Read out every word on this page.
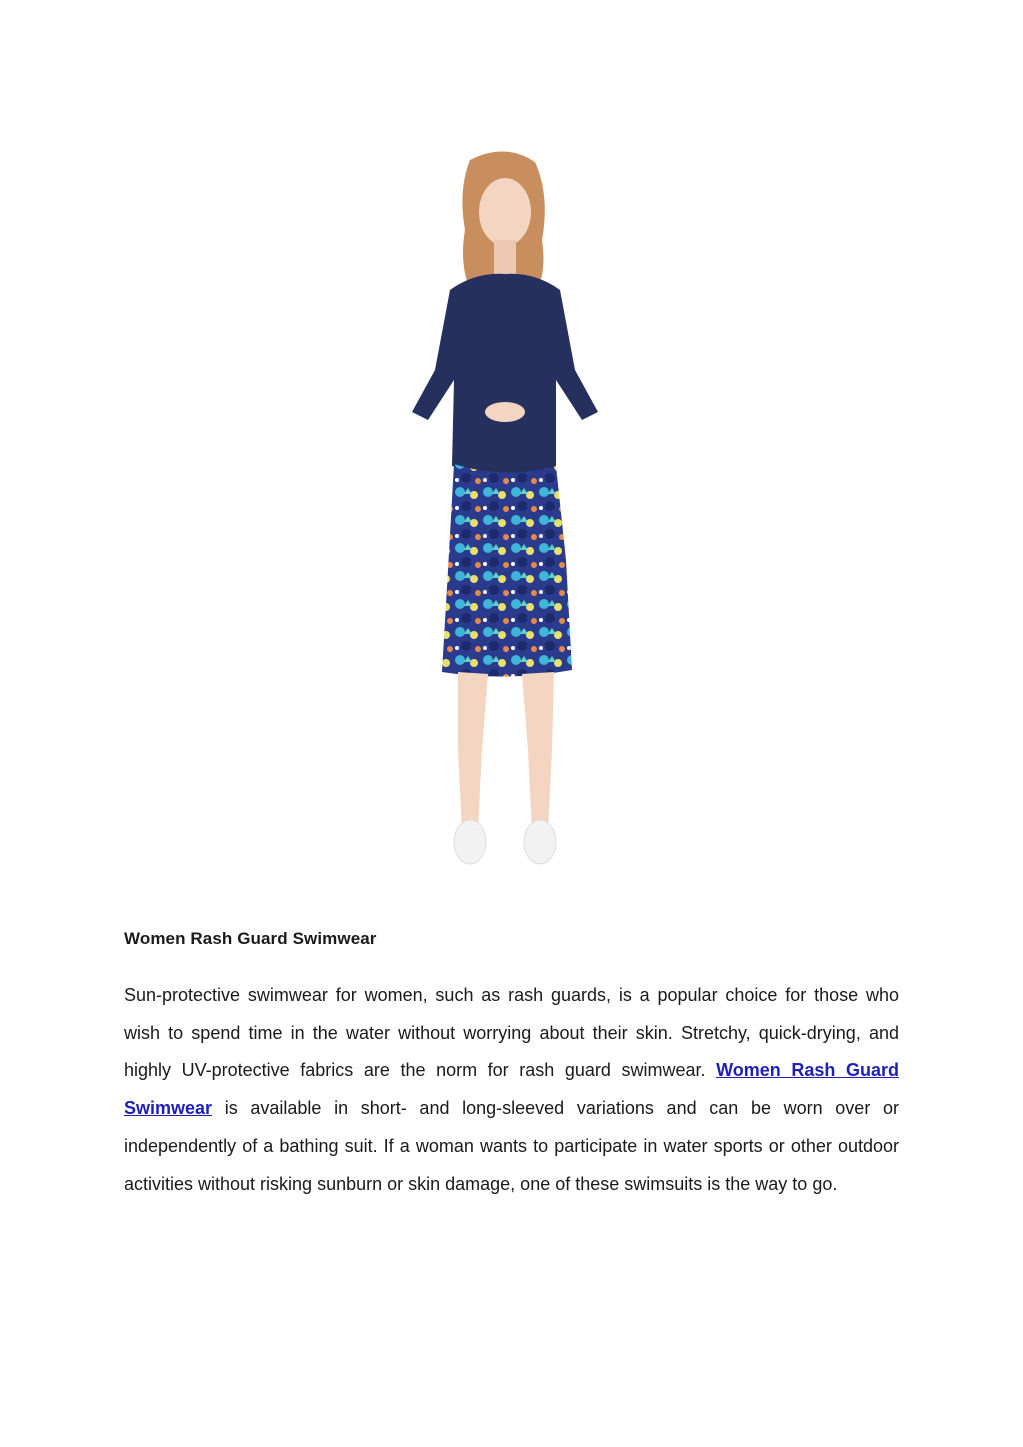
Women Rash Guard Swimwear

Sun-protective swimwear for women, such as rash guards, is a popular choice for those who wish to spend time in the water without worrying about their skin. Stretchy, quick-drying, and highly UV-protective fabrics are the norm for rash guard swimwear. Women Rash Guard Swimwear is available in short- and long-sleeved variations and can be worn over or independently of a bathing suit. If a woman wants to participate in water sports or other outdoor activities without risking sunburn or skin damage, one of these swimsuits is the way to go.
